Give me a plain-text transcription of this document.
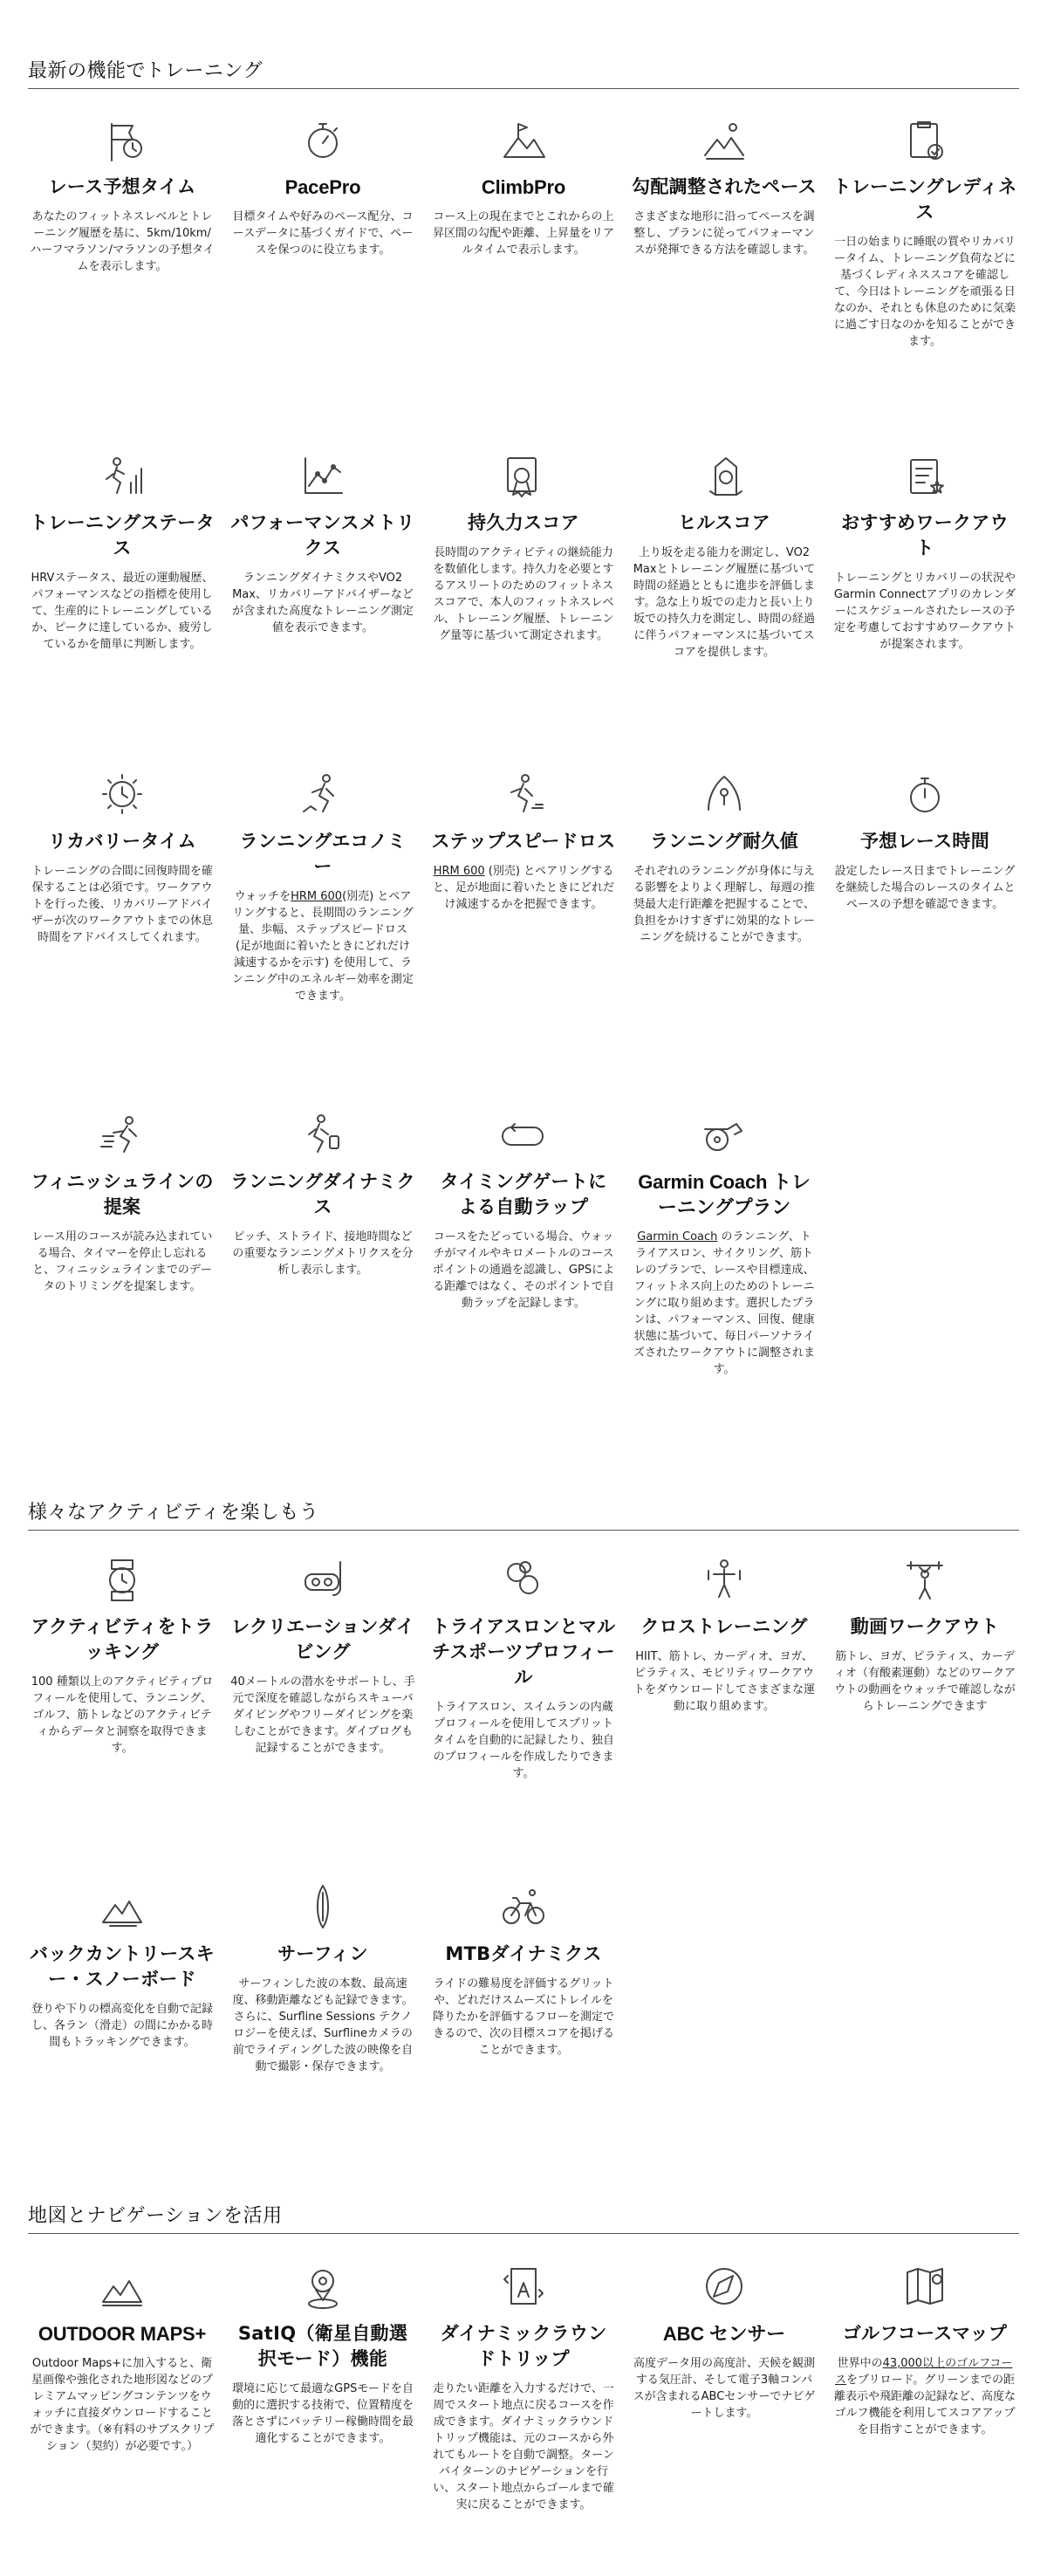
最新の機能でトレーニング
レース予想タイム

あなたのフィットネスレベルとトレーニング履歴を基に、5km/10km/ハーフマラソン/マラソンの予想タイムを表示します。

PacePro

目標タイムや好みのペース配分、コースデータに基づくガイドで、ペースを保つのに役立ちます。

ClimbPro

コース上の現在までとこれからの上昇区間の勾配や距離、上昇量をリアルタイムで表示します。

勾配調整されたペース

さまざまな地形に沿ってペースを調整し、プランに従ってパフォーマンスが発揮できる方法を確認します。

トレーニングレディネス

一日の始まりに睡眠の質やリカバリータイム、トレーニング負荷などに基づくレディネススコアを確認して、今日はトレーニングを頑張る日なのか、それとも休息のために気楽に過ごす日なのかを知ることができます。

トレーニングステータス

HRVステータス、最近の運動履歴、パフォーマンスなどの指標を使用して、生産的にトレーニングしているか、ピークに達しているか、疲労しているかを簡単に判断します。

パフォーマンスメトリクス

ランニングダイナミクスやVO2 Max、リカバリーアドバイザーなどが含まれた高度なトレーニング測定値を表示できます。

持久力スコア

長時間のアクティビティの継続能力を数値化します。持久力を必要とするアスリートのためのフィットネススコアで、本人のフィットネスレベル、トレーニング履歴、トレーニング量等に基づいて測定されます。

ヒルスコア

上り坂を走る能力を測定し、VO2 Maxとトレーニング履歴に基づいて時間の経過とともに進歩を評価します。急な上り坂での走力と長い上り坂での持久力を測定し、時間の経過に伴うパフォーマンスに基づいてスコアを提供します。

おすすめワークアウト

トレーニングとリカバリーの状況やGarmin Connectアプリのカレンダーにスケジュールされたレースの予定を考慮しておすすめワークアウトが提案されます。

リカバリータイム

トレーニングの合間に回復時間を確保することは必須です。ワークアウトを行った後、リカバリーアドバイザーが次のワークアウトまでの休息時間をアドバイスしてくれます。

ランニングエコノミー

ウォッチをHRM 600(別売) とペアリングすると、長期間のランニング量、歩幅、ステップスピードロス (足が地面に着いたときにどれだけ減速するかを示す) を使用して、ランニング中のエネルギー効率を測定できます。

ステップスピードロス

HRM 600 (別売) とペアリングすると、足が地面に着いたときにどれだけ減速するかを把握できます。

ランニング耐久値

それぞれのランニングが身体に与える影響をよりよく理解し、毎週の推奨最大走行距離を把握することで、負担をかけすぎずに効果的なトレーニングを続けることができます。

予想レース時間

設定したレース日までトレーニングを継続した場合のレースのタイムとペースの予想を確認できます。

フィニッシュラインの提案

レース用のコースが読み込まれている場合、タイマーを停止し忘れると、フィニッシュラインまでのデータのトリミングを提案します。

ランニングダイナミクス

ピッチ、ストライド、接地時間などの重要なランニングメトリクスを分析し表示します。

タイミングゲートによる自動ラップ

コースをたどっている場合、ウォッチがマイルやキロメートルのコースポイントの通過を認識し、GPSによる距離ではなく、そのポイントで自動ラップを記録します。

Garmin Coach トレーニングプラン

Garmin Coach のランニング、トライアスロン、サイクリング、筋トレのプランで、レースや目標達成、フィットネス向上のためのトレーニングに取り組めます。選択したプランは、パフォーマンス、回復、健康状態に基づいて、毎日パーソナライズされたワークアウトに調整されます。

様々なアクティビティを楽しもう
アクティビティをトラッキング

100 種類以上のアクティビティプロフィールを使用して、ランニング、ゴルフ、筋トレなどのアクティビティからデータと洞察を取得できます。

レクリエーションダイビング

40メートルの潜水をサポートし、手元で深度を確認しながらスキューバダイビングやフリーダイビングを楽しむことができます。ダイブログも記録することができます。

トライアスロンとマルチスポーツプロフィール

トライアスロン、スイムランの内蔵プロフィールを使用してスプリットタイムを自動的に記録したり、独自のプロフィールを作成したりできます。

クロストレーニング

HIIT、筋トレ、カーディオ、ヨガ、ピラティス、モビリティワークアウトをダウンロードしてさまざまな運動に取り組めます。

動画ワークアウト

筋トレ、ヨガ、ピラティス、カーディオ（有酸素運動）などのワークアウトの動画をウォッチで確認しながらトレーニングできます

バックカントリースキー・スノーボード

登りや下りの標高変化を自動で記録し、各ラン（滑走）の間にかかる時間もトラッキングできます。

サーフィン

サーフィンした波の本数、最高速度、移動距離なども記録できます。さらに、Surfline Sessions テクノロジーを使えば、Surflineカメラの前でライディングした波の映像を自動で撮影・保存できます。

MTBダイナミクス

ライドの難易度を評価するグリットや、どれだけスムーズにトレイルを降りたかを評価するフローを測定できるので、次の目標スコアを掲げることができます。

地図とナビゲーションを活用
OUTDOOR MAPS+

Outdoor Maps+に加入すると、衛星画像や強化された地形図などのプレミアムマッピングコンテンツをウォッチに直接ダウンロードすることができます。（※有料のサブスクリプション（契約）が必要です。）

SatIQ（衛星自動選択モード）機能

環境に応じて最適なGPSモードを自動的に選択する技術で、位置精度を落とさずにバッテリー稼働時間を最適化することができます。

ダイナミックラウンドトリップ

走りたい距離を入力するだけで、一周でスタート地点に戻るコースを作成できます。ダイナミックラウンドトリップ機能は、元のコースから外れてもルートを自動で調整。ターンバイターンのナビゲーションを行い、スタート地点からゴールまで確実に戻ることができます。

ABC センサー

高度データ用の高度計、天候を観測する気圧計、そして電子3軸コンパスが含まれるABCセンサーでナビゲートします。

ゴルフコースマップ

世界中の43,000以上のゴルフコースをプリロード。グリーンまでの距離表示や飛距離の記録など、高度なゴルフ機能を利用してスコアアップを目指すことができます。
